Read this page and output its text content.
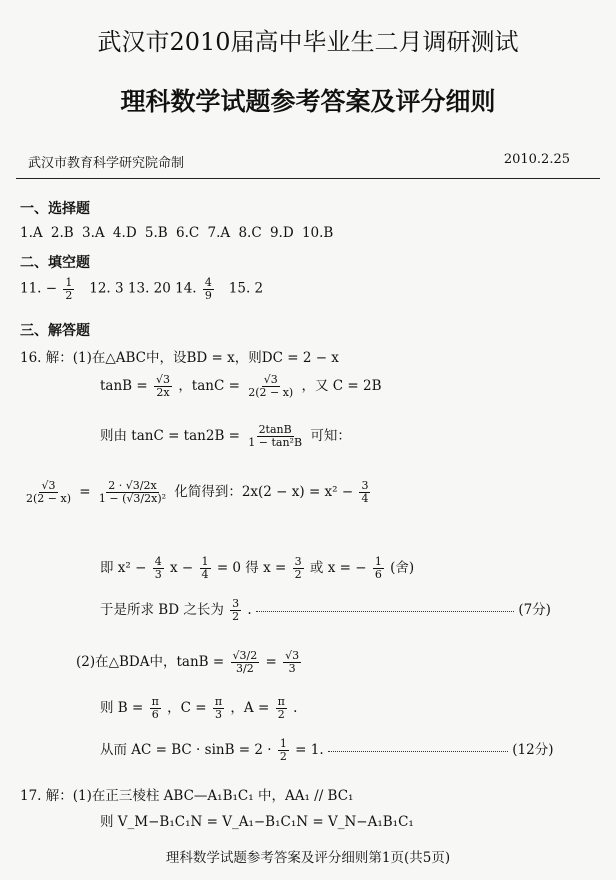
武汉市2010届高中毕业生二月调研测试
理科数学试题参考答案及评分细则
武汉市教育科学研究院命制	2010.2.25
一、选择题
1.A 2.B 3.A 4.D 5.B 6.C 7.A 8.C 9.D 10.B
二、填空题
11. − $\frac{1}{2} 12$. 3 13. 20 14. $\frac{4}{9} 15$. 2
三、解答题
16. 解：(1)在△ABC中，设BD = x，则DC = 2 − x
$\tan B = \frac{√3}{2x}$ ，$\tan C = \frac{√3}{2(2 - x)}$ ，又 C = 2B
则由 $\tan C = \tan 2B = \frac{2\tan B}{\text{1 − tan²B}}$ 可知：
$\frac{√3}{2(2 - x)} = \frac{2 \cdot √3/2x}{\text{1 − (√3/2x)²}}$ 化简得到：$2x(2 - x) = x^2 - \frac{3}{4}$
即 $x^2 - \frac{4}{3}$ $x - \frac{1}{4} = 0$ 得 $x = \frac{3}{2}$ 或 x = − $\frac{1}{6}$ (舍)
于是所求 BD 之长为 $\frac{3}{2}$ .	(7分)
(2)在△BDA中，$\tan B = \frac{√3/2}{3/2} = \frac{√3}{3}$
则 $B = \frac{\pi}{6}$ ，$C = \frac{\pi}{3}$ ，$A = \frac{\pi}{2}$ .
从而 AC = BC · $\sin B = 2 \cdot \frac{1}{2} = 1$.	(12分)
17. 解：(1)在正三棱柱 ABC—A₁B₁C₁ 中，AA₁ // BC₁
则 V_M−B₁C₁N = V_A₁−B₁C₁N = V_N−A₁B₁C₁
理科数学试题参考答案及评分细则第1页(共5页)
